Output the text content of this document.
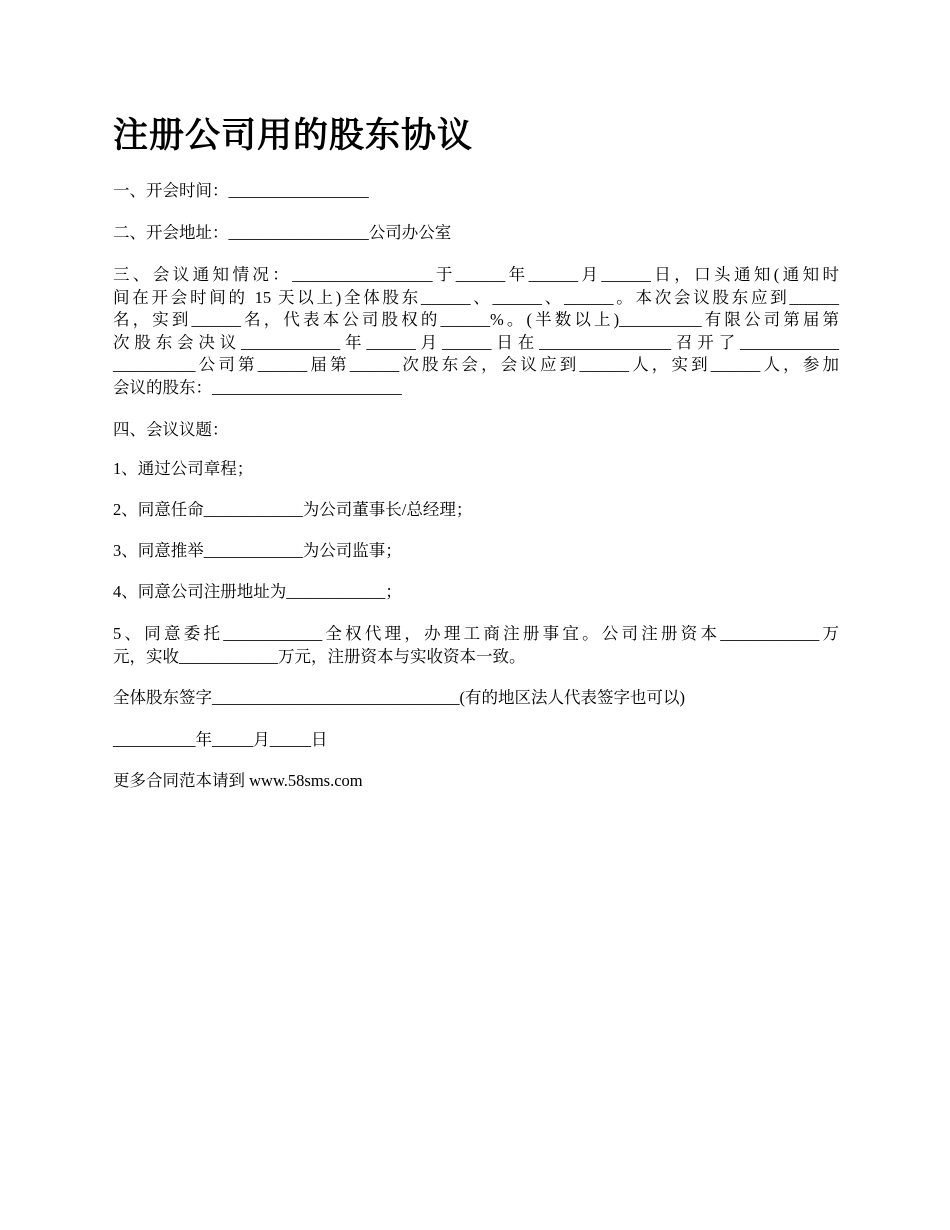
注册公司用的股东协议

一、开会时间：_________________

二、开会地址：_________________公司办公室

三、会议通知情况：_________________于______年______月______日，口头通知(通知时
间在开会时间的 15 天以上)全体股东______、______、______。本次会议股东应到______
名，实到______名，代表本公司股权的______%。(半数以上)__________有限公司第届第
次股东会决议____________年______月______日在________________召开了____________
__________公司第______届第______次股东会，会议应到______人，实到______人，参加
会议的股东：_______________________

四、会议议题：

1、通过公司章程；

2、同意任命____________为公司董事长/总经理；

3、同意推举____________为公司监事；

4、同意公司注册地址为____________；

5、同意委托____________全权代理，办理工商注册事宜。公司注册资本____________万
元，实收____________万元，注册资本与实收资本一致。

全体股东签字______________________________(有的地区法人代表签字也可以)

__________年_____月_____日

更多合同范本请到 www.58sms.com
